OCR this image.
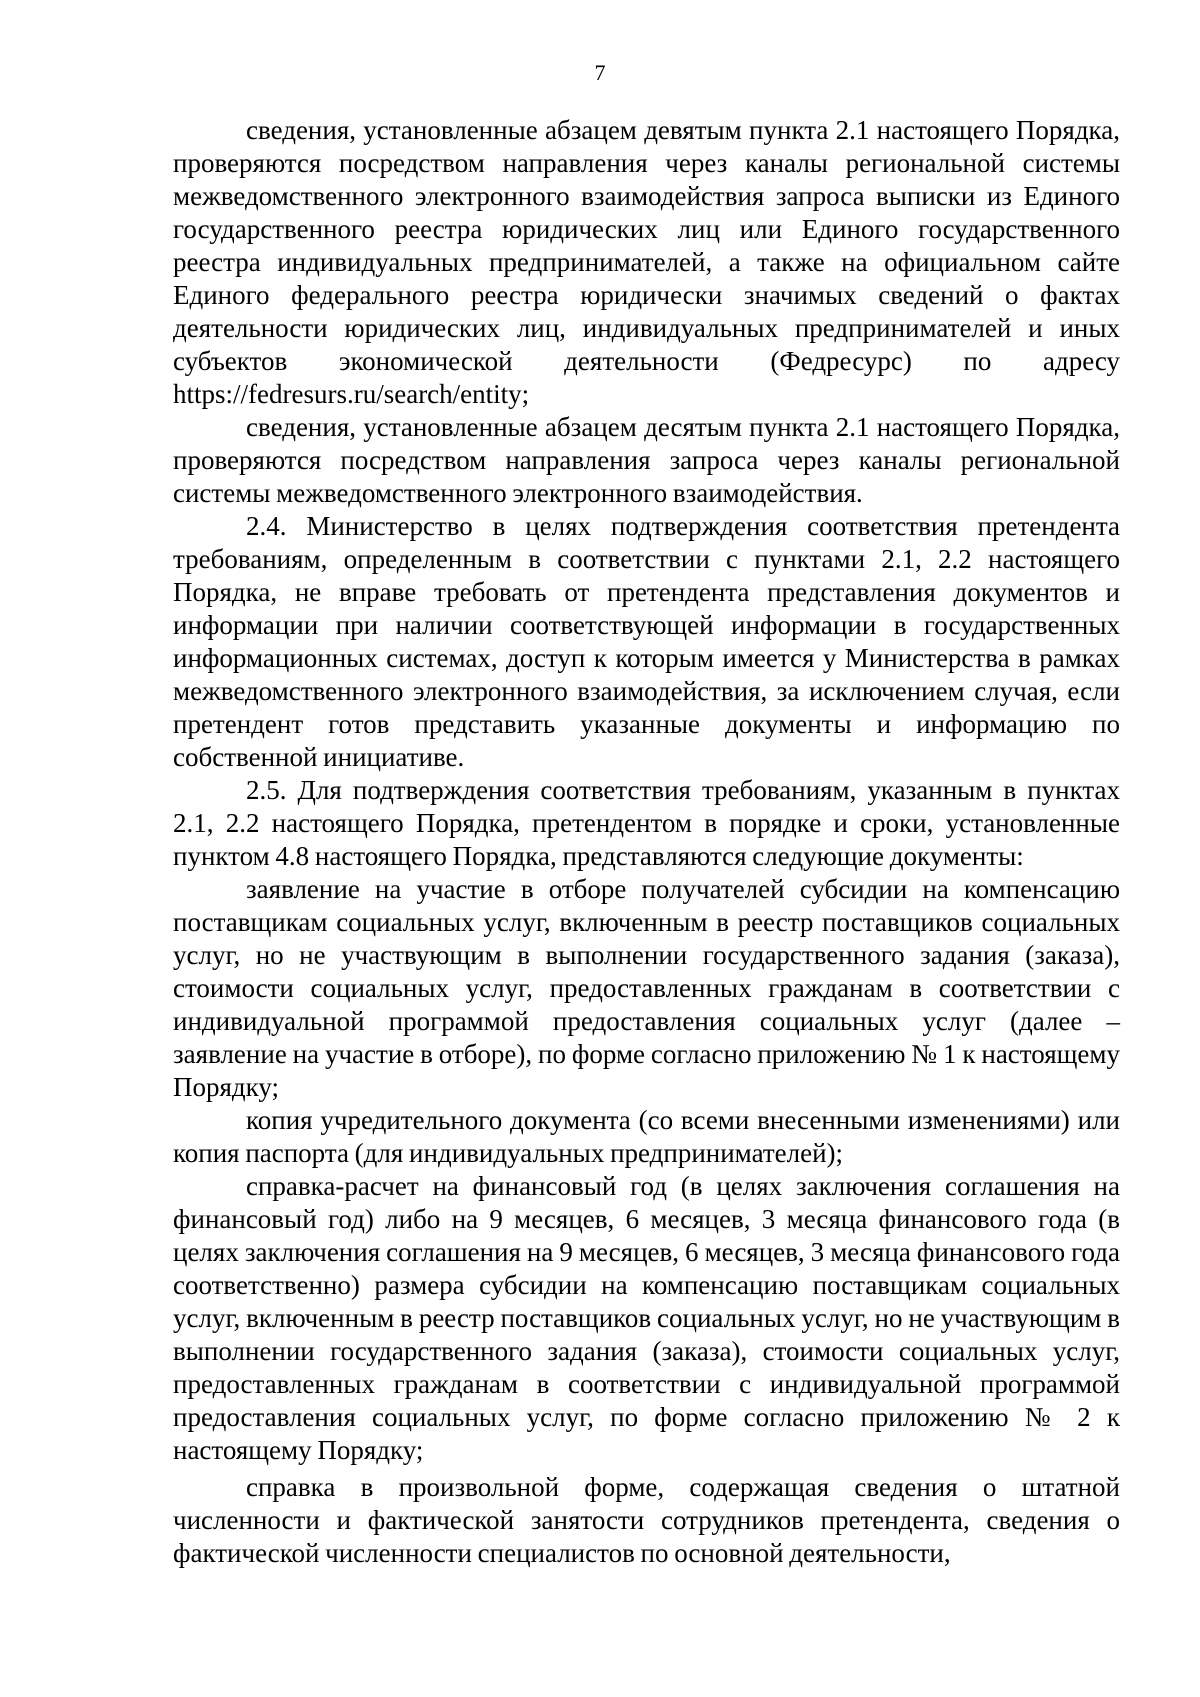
7

сведения, установленные абзацем девятым пункта 2.1 настоящего Порядка, проверяются посредством направления через каналы региональной системы межведомственного электронного взаимодействия запроса выписки из Единого государственного реестра юридических лиц или Единого государственного реестра индивидуальных предпринимателей, а также на официальном сайте Единого федерального реестра юридически значимых сведений о фактах деятельности юридических лиц, индивидуальных предпринимателей и иных субъектов экономической деятельности (Федресурс) по адресу https://fedresurs.ru/search/entity;

сведения, установленные абзацем десятым пункта 2.1 настоящего Порядка, проверяются посредством направления запроса через каналы региональной системы межведомственного электронного взаимодействия.

2.4. Министерство в целях подтверждения соответствия претендента требованиям, определенным в соответствии с пунктами 2.1, 2.2 настоящего Порядка, не вправе требовать от претендента представления документов и информации при наличии соответствующей информации в государственных информационных системах, доступ к которым имеется у Министерства в рамках межведомственного электронного взаимодействия, за исключением случая, если претендент готов представить указанные документы и информацию по собственной инициативе.

2.5. Для подтверждения соответствия требованиям, указанным в пунктах 2.1, 2.2 настоящего Порядка, претендентом в порядке и сроки, установленные пунктом 4.8 настоящего Порядка, представляются следующие документы:

заявление на участие в отборе получателей субсидии на компенсацию поставщикам социальных услуг, включенным в реестр поставщиков социальных услуг, но не участвующим в выполнении государственного задания (заказа), стоимости социальных услуг, предоставленных гражданам в соответствии с индивидуальной программой предоставления социальных услуг (далее – заявление на участие в отборе), по форме согласно приложению № 1 к настоящему Порядку;

копия учредительного документа (со всеми внесенными изменениями) или копия паспорта (для индивидуальных предпринимателей);

справка-расчет на финансовый год (в целях заключения соглашения на финансовый год) либо на 9 месяцев, 6 месяцев, 3 месяца финансового года (в целях заключения соглашения на 9 месяцев, 6 месяцев, 3 месяца финансового года соответственно) размера субсидии на компенсацию поставщикам социальных услуг, включенным в реестр поставщиков социальных услуг, но не участвующим в выполнении государственного задания (заказа), стоимости социальных услуг, предоставленных гражданам в соответствии с индивидуальной программой предоставления социальных услуг, по форме согласно приложению № 2 к настоящему Порядку;

справка в произвольной форме, содержащая сведения о штатной численности и фактической занятости сотрудников претендента, сведения о фактической численности специалистов по основной деятельности,
